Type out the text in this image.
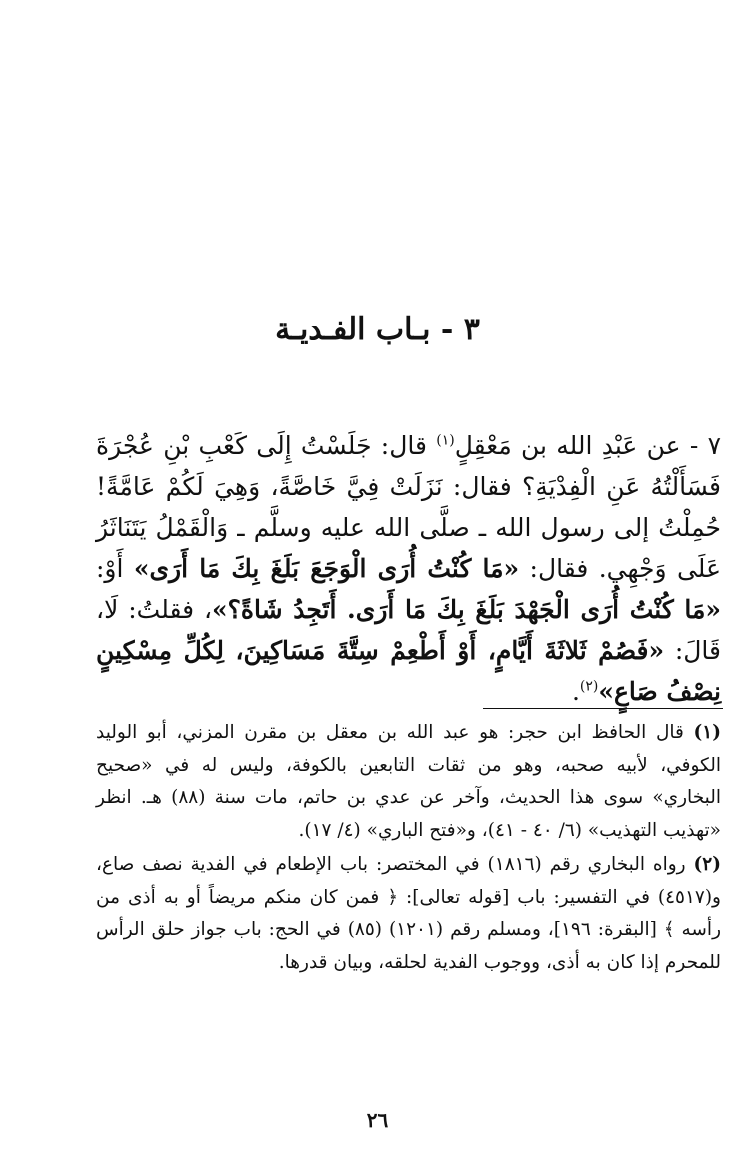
٣ - بـاب الفـديـة

٧ - عن عَبْدِ الله بن مَعْقِلٍ$^{(١)}$ قال: جَلَسْتُ إِلَى كَعْبِ بْنِ عُجْرَةَ فَسَأَلْتُهُ عَنِ الْفِدْيَةِ؟ فقال: نَزَلَتْ فِيَّ خَاصَّةً، وَهِيَ لَكُمْ عَامَّةً! حُمِلْتُ إلى رسول الله ـ صلَّى الله عليه وسلَّم ـ وَالْقَمْلُ يَتَنَاثَرُ عَلَى وَجْهِي. فقال: «مَا كُنْتُ أُرَى الْوَجَعَ بَلَغَ بِكَ مَا أَرَى» أَوْ: «مَا كُنْتُ أُرَى الْجَهْدَ بَلَغَ بِكَ مَا أَرَى. أَتَجِدُ شَاةً؟»، فقلتُ: لَا، قَالَ: «فَصُمْ ثَلاثَةَ أَيَّامٍ، أَوْ أَطْعِمْ سِتَّةَ مَسَاكِينَ، لِكُلِّ مِسْكِينٍ نِصْفُ صَاعٍ»$^{(٢)}$.

(١) قال الحافظ ابن حجر: هو عبد الله بن معقل بن مقرن المزني، أبو الوليد الكوفي، لأبيه صحبه، وهو من ثقات التابعين بالكوفة، وليس له في «صحيح البخاري» سوى هذا الحديث، وآخر عن عدي بن حاتم، مات سنة (٨٨) هـ. انظر «تهذيب التهذيب» (٦/ ٤٠ - ٤١)، و«فتح الباري» (٤/ ١٧).

(٢) رواه البخاري رقم (١٨١٦) في المختصر: باب الإطعام في الفدية نصف صاع، و(٤٥١٧) في التفسير: باب [قوله تعالى]: ﴿ فمن كان منكم مريضاً أو به أذى من رأسه ﴾ [البقرة: ١٩٦]، ومسلم رقم (١٢٠١) (٨٥) في الحج: باب جواز حلق الرأس للمحرم إذا كان به أذى، ووجوب الفدية لحلقه، وبيان قدرها.

٢٦
